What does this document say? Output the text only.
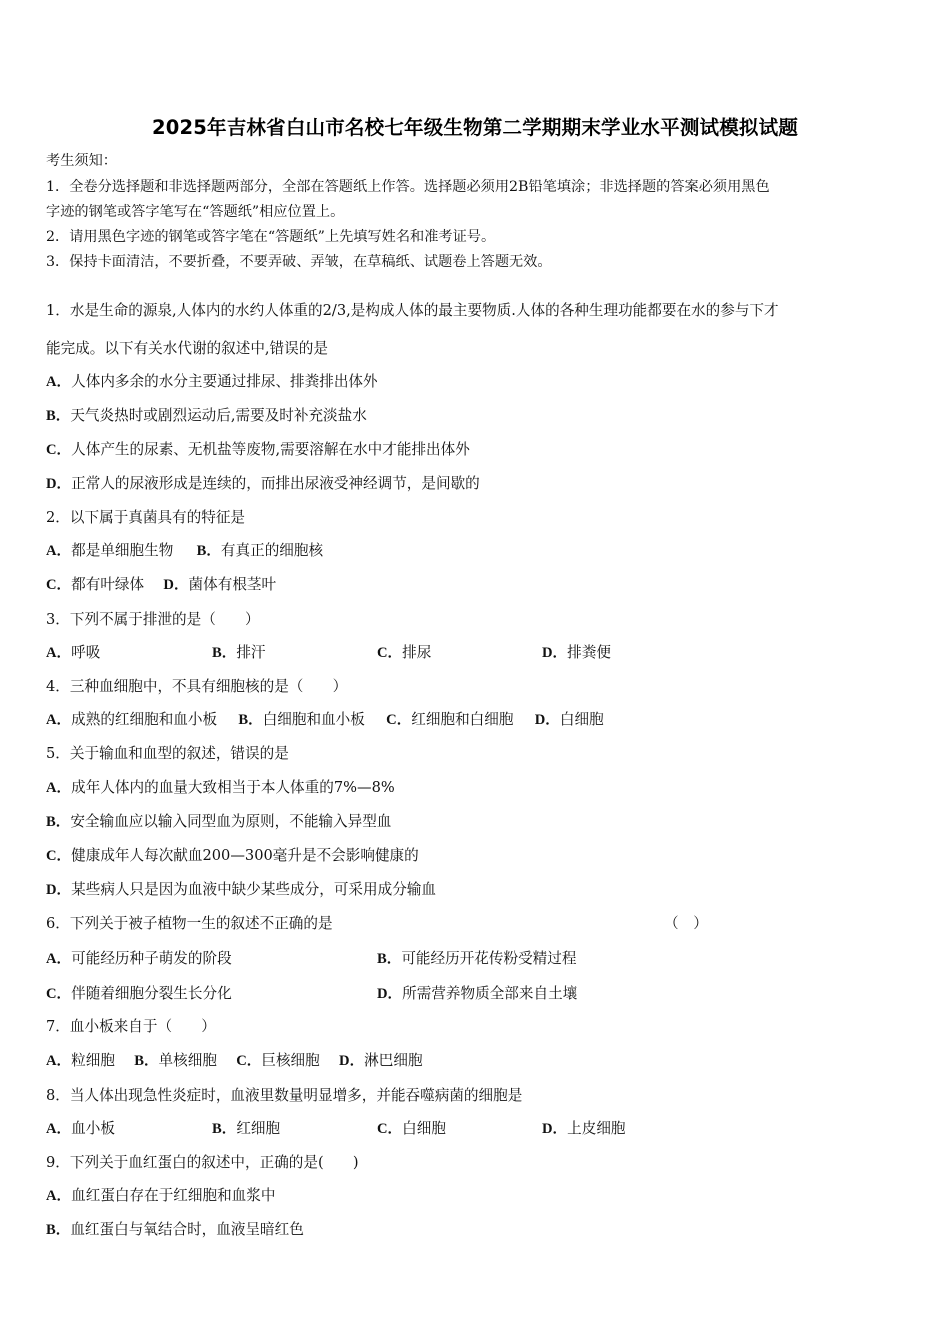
2025年吉林省白山市名校七年级生物第二学期期末学业水平测试模拟试题
考生须知：
1．全卷分选择题和非选择题两部分，全部在答题纸上作答。选择题必须用2B铅笔填涂；非选择题的答案必须用黑色
字迹的钢笔或答字笔写在“答题纸”相应位置上。
2．请用黑色字迹的钢笔或答字笔在“答题纸”上先填写姓名和准考证号。
3．保持卡面清洁，不要折叠，不要弄破、弄皱，在草稿纸、试题卷上答题无效。
1．水是生命的源泉,人体内的水约人体重的2/3,是构成人体的最主要物质.人体的各种生理功能都要在水的参与下才
能完成。以下有关水代谢的叙述中,错误的是
A．人体内多余的水分主要通过排尿、排粪排出体外
B．天气炎热时或剧烈运动后,需要及时补充淡盐水
C．人体产生的尿素、无机盐等废物,需要溶解在水中才能排出体外
D．正常人的尿液形成是连续的，而排出尿液受神经调节，是间歇的
2．以下属于真菌具有的特征是
A．都是单细胞生物 B．有真正的细胞核
C．都有叶绿体 D．菌体有根茎叶
3．下列不属于排泄的是（　　）
A．呼吸	B．排汗	C．排尿	D．排粪便
4．三种血细胞中，不具有细胞核的是（　　）
A．成熟的红细胞和血小板 B．白细胞和血小板 C．红细胞和白细胞 D．白细胞
5．关于输血和血型的叙述，错误的是
A．成年人体内的血量大致相当于本人体重的7%—8%
B．安全输血应以输入同型血为原则，不能输入异型血
C．健康成年人每次献血200—300毫升是不会影响健康的
D．某些病人只是因为血液中缺少某些成分，可采用成分输血
6．下列关于被子植物一生的叙述不正确的是	（　）
A．可能经历种子萌发的阶段	B．可能经历开花传粉受精过程
C．伴随着细胞分裂生长分化	D．所需营养物质全部来自土壤
7．血小板来自于（　　）
A．粒细胞 B．单核细胞 C．巨核细胞 D．淋巴细胞
8．当人体出现急性炎症时，血液里数量明显增多，并能吞噬病菌的细胞是
A．血小板	B．红细胞	C．白细胞	D．上皮细胞
9．下列关于血红蛋白的叙述中，正确的是(　　)
A．血红蛋白存在于红细胞和血浆中
B．血红蛋白与氧结合时，血液呈暗红色
